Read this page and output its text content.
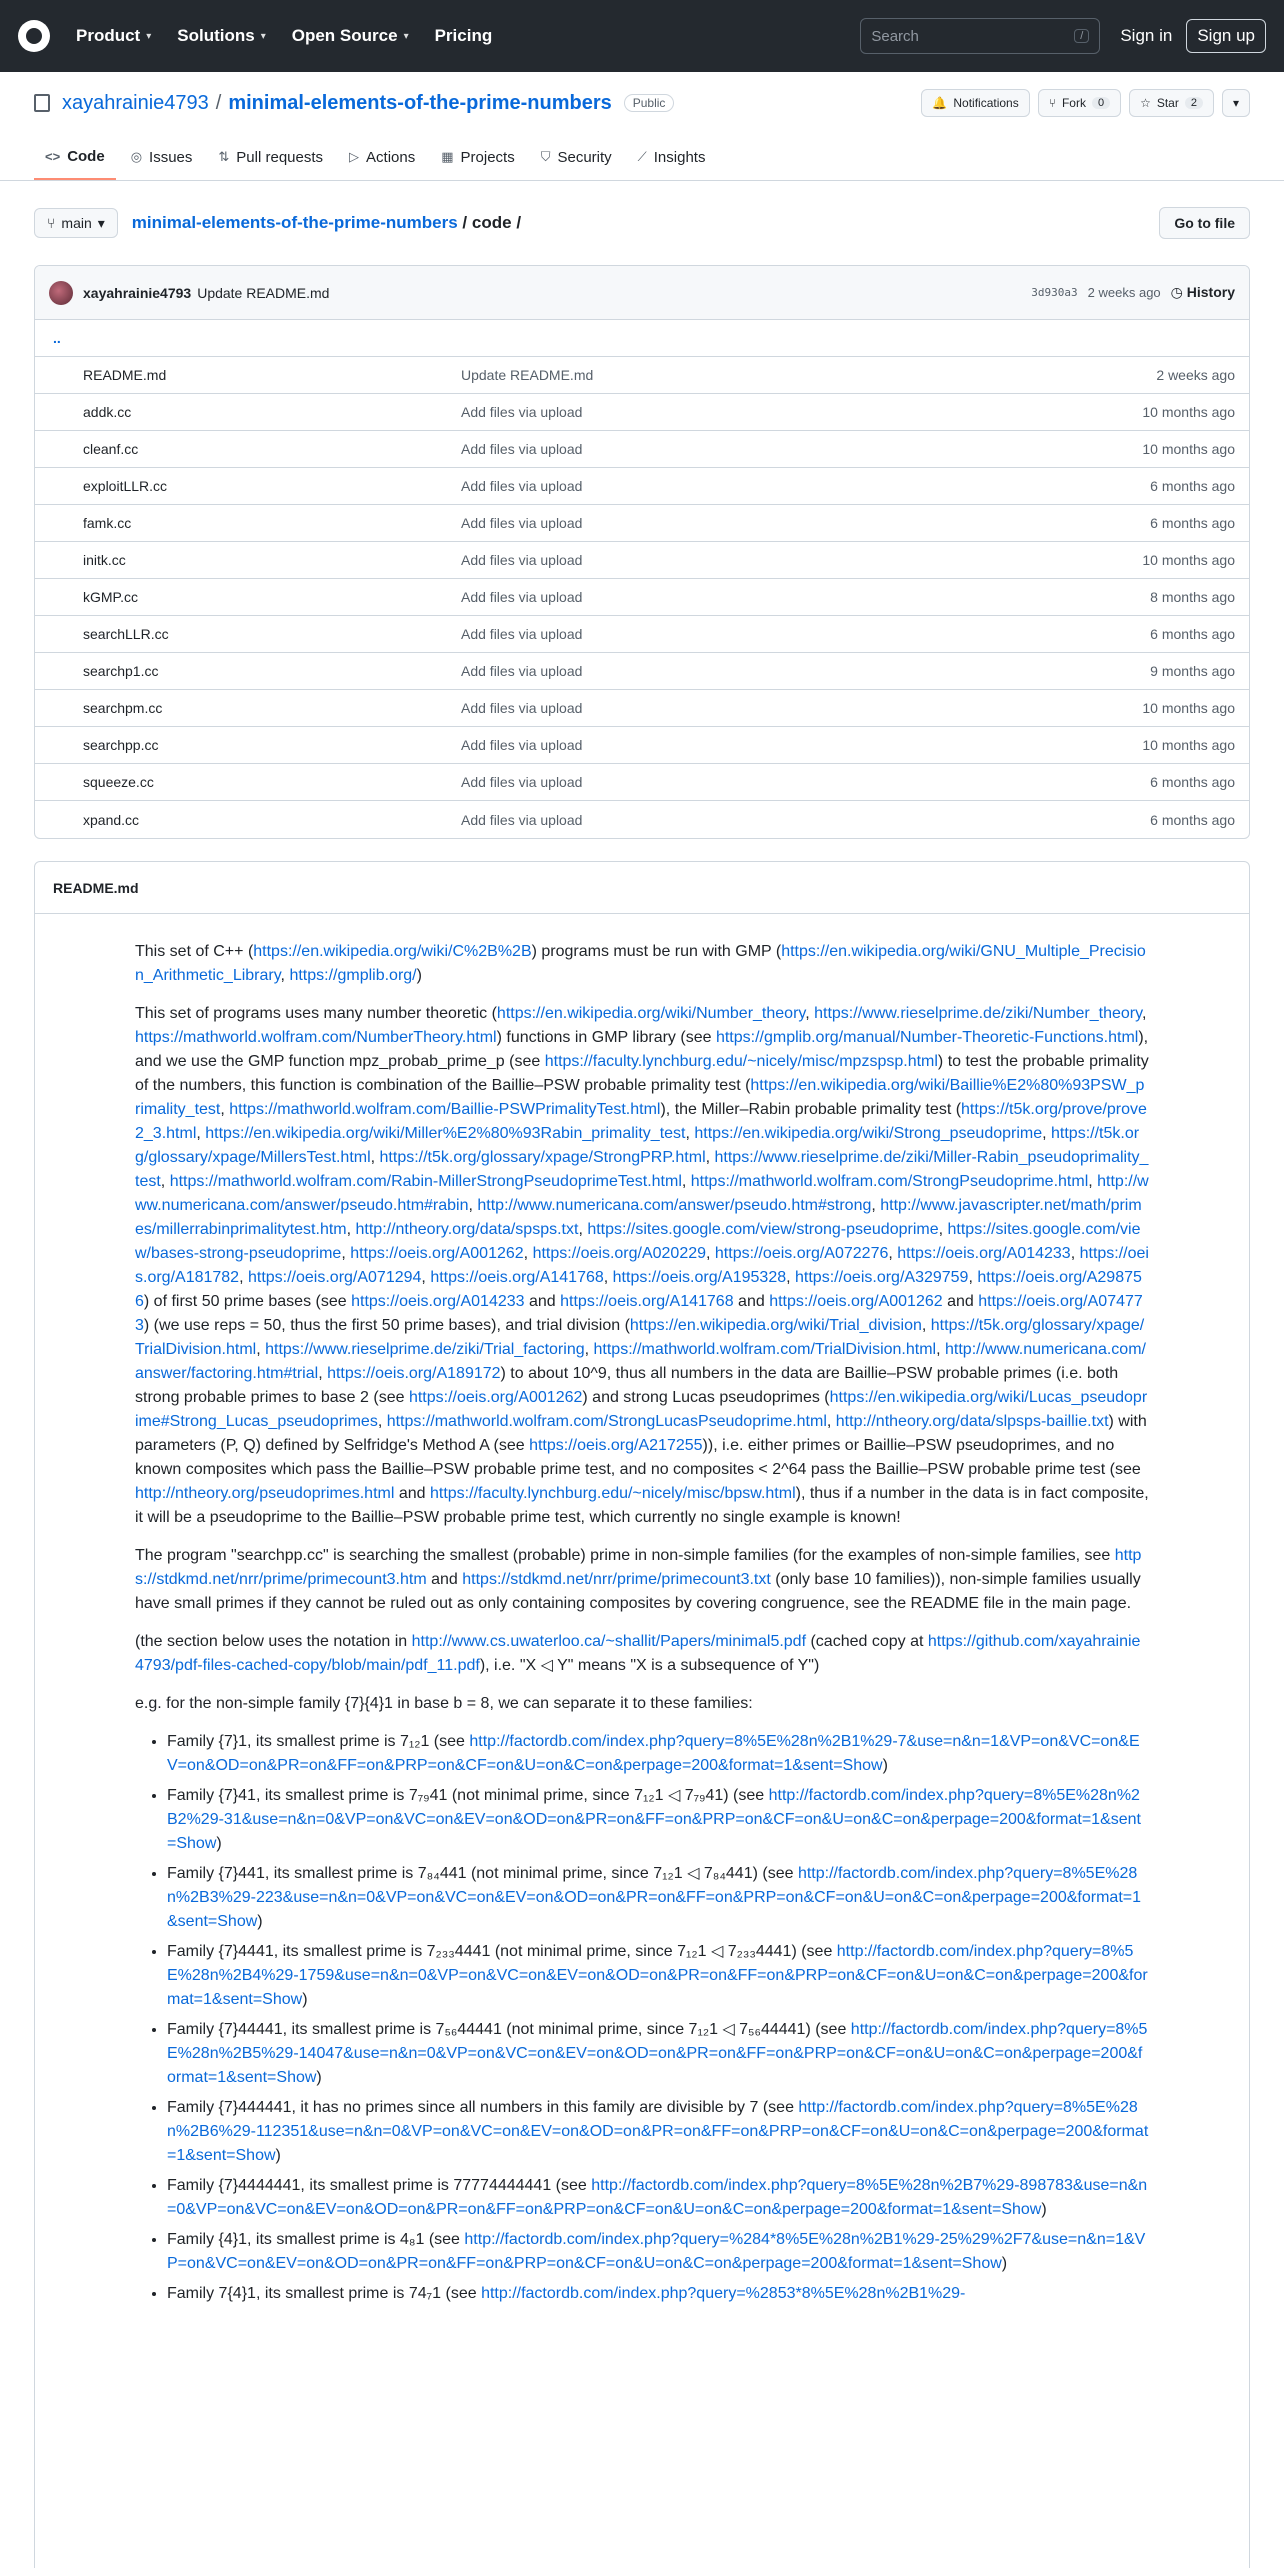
Product ▾ Solutions ▾ Open Source ▾ Pricing	Search	/	Sign in	Sign up
xayahrainie4793 / minimal-elements-of-the-prime-numbers	Public	🔔 Notifications	⑂ Fork	0	☆ Star	2	▾
<> Code ◎ Issues ⇅ Pull requests ▷ Actions ▦ Projects ⛉ Security ⟋ Insights
⑂ main ▾ minimal-elements-of-the-prime-numbers / code /	Go to file
xayahrainie4793 Update README.md	3d930a3 2 weeks ago ◷ History
..
README.md	Update README.md	2 weeks ago
addk.cc	Add files via upload	10 months ago
cleanf.cc	Add files via upload	10 months ago
exploitLLR.cc	Add files via upload	6 months ago
famk.cc	Add files via upload	6 months ago
initk.cc	Add files via upload	10 months ago
kGMP.cc	Add files via upload	8 months ago
searchLLR.cc	Add files via upload	6 months ago
searchp1.cc	Add files via upload	9 months ago
searchpm.cc	Add files via upload	10 months ago
searchpp.cc	Add files via upload	10 months ago
squeeze.cc	Add files via upload	6 months ago
xpand.cc	Add files via upload	6 months ago
README.md

This set of C++ (https://en.wikipedia.org/wiki/C%2B%2B) programs must be run with GMP (https://en.wikipedia.org/wiki/GNU_Multiple_Precision_Arithmetic_Library, https://gmplib.org/)

This set of programs uses many number theoretic (https://en.wikipedia.org/wiki/Number_theory, https://www.rieselprime.de/ziki/Number_theory, https://mathworld.wolfram.com/NumberTheory.html) functions in GMP library (see https://gmplib.org/manual/Number-Theoretic-Functions.html), and we use the GMP function mpz_probab_prime_p (see https://faculty.lynchburg.edu/~nicely/misc/mpzspsp.html) to test the probable primality of the numbers, this function is combination of the Baillie–PSW probable primality test (https://en.wikipedia.org/wiki/Baillie%E2%80%93PSW_primality_test, https://mathworld.wolfram.com/Baillie-PSWPrimalityTest.html), the Miller–Rabin probable primality test (https://t5k.org/prove/prove2_3.html, https://en.wikipedia.org/wiki/Miller%E2%80%93Rabin_primality_test, https://en.wikipedia.org/wiki/Strong_pseudoprime, https://t5k.org/glossary/xpage/MillersTest.html, https://t5k.org/glossary/xpage/StrongPRP.html, https://www.rieselprime.de/ziki/Miller-Rabin_pseudoprimality_test, https://mathworld.wolfram.com/Rabin-MillerStrongPseudoprimeTest.html, https://mathworld.wolfram.com/StrongPseudoprime.html, http://www.numericana.com/answer/pseudo.htm#rabin, http://www.numericana.com/answer/pseudo.htm#strong, http://www.javascripter.net/math/primes/millerrabinprimalitytest.htm, http://ntheory.org/data/spsps.txt, https://sites.google.com/view/strong-pseudoprime, https://sites.google.com/view/bases-strong-pseudoprime, https://oeis.org/A001262, https://oeis.org/A020229, https://oeis.org/A072276, https://oeis.org/A014233, https://oeis.org/A181782, https://oeis.org/A071294, https://oeis.org/A141768, https://oeis.org/A195328, https://oeis.org/A329759, https://oeis.org/A298756) of first 50 prime bases (see https://oeis.org/A014233 and https://oeis.org/A141768 and https://oeis.org/A001262 and https://oeis.org/A074773) (we use reps = 50, thus the first 50 prime bases), and trial division (https://en.wikipedia.org/wiki/Trial_division, https://t5k.org/glossary/xpage/TrialDivision.html, https://www.rieselprime.de/ziki/Trial_factoring, https://mathworld.wolfram.com/TrialDivision.html, http://www.numericana.com/answer/factoring.htm#trial, https://oeis.org/A189172) to about 10^9, thus all numbers in the data are Baillie–PSW probable primes (i.e. both strong probable primes to base 2 (see https://oeis.org/A001262) and strong Lucas pseudoprimes (https://en.wikipedia.org/wiki/Lucas_pseudoprime#Strong_Lucas_pseudoprimes, https://mathworld.wolfram.com/StrongLucasPseudoprime.html, http://ntheory.org/data/slpsps-baillie.txt) with parameters (P, Q) defined by Selfridge's Method A (see https://oeis.org/A217255)), i.e. either primes or Baillie–PSW pseudoprimes, and no known composites which pass the Baillie–PSW probable prime test, and no composites < 2^64 pass the Baillie–PSW probable prime test (see http://ntheory.org/pseudoprimes.html and https://faculty.lynchburg.edu/~nicely/misc/bpsw.html), thus if a number in the data is in fact composite, it will be a pseudoprime to the Baillie–PSW probable prime test, which currently no single example is known!

The program "searchpp.cc" is searching the smallest (probable) prime in non-simple families (for the examples of non-simple families, see https://stdkmd.net/nrr/prime/primecount3.htm and https://stdkmd.net/nrr/prime/primecount3.txt (only base 10 families)), non-simple families usually have small primes if they cannot be ruled out as only containing composites by covering congruence, see the README file in the main page.

(the section below uses the notation in http://www.cs.uwaterloo.ca/~shallit/Papers/minimal5.pdf (cached copy at https://github.com/xayahrainie4793/pdf-files-cached-copy/blob/main/pdf_11.pdf), i.e. "X ◁ Y" means "X is a subsequence of Y")

e.g. for the non-simple family {7}{4}1 in base b = 8, we can separate it to these families:

• Family {7}1, its smallest prime is 7₁₂1 (see http://factordb.com/index.php?query=8%5E%28n%2B1%29-7&use=n&n=1&VP=on&VC=on&EV=on&OD=on&PR=on&FF=on&PRP=on&CF=on&U=on&C=on&perpage=200&format=1&sent=Show)
• Family {7}41, its smallest prime is 7₇₉41 (not minimal prime, since 7₁₂1 ◁ 7₇₉41) (see http://factordb.com/index.php?query=8%5E%28n%2B2%29-31&use=n&n=0&VP=on&VC=on&EV=on&OD=on&PR=on&FF=on&PRP=on&CF=on&U=on&C=on&perpage=200&format=1&sent=Show)
• Family {7}441, its smallest prime is 7₈₄441 (not minimal prime, since 7₁₂1 ◁ 7₈₄441) (see http://factordb.com/index.php?query=8%5E%28n%2B3%29-223&use=n&n=0&VP=on&VC=on&EV=on&OD=on&PR=on&FF=on&PRP=on&CF=on&U=on&C=on&perpage=200&format=1&sent=Show)
• Family {7}4441, its smallest prime is 7₂₃₃4441 (not minimal prime, since 7₁₂1 ◁ 7₂₃₃4441) (see http://factordb.com/index.php?query=8%5E%28n%2B4%29-1759&use=n&n=0&VP=on&VC=on&EV=on&OD=on&PR=on&FF=on&PRP=on&CF=on&U=on&C=on&perpage=200&format=1&sent=Show)
• Family {7}44441, its smallest prime is 7₅₆44441 (not minimal prime, since 7₁₂1 ◁ 7₅₆44441) (see http://factordb.com/index.php?query=8%5E%28n%2B5%29-14047&use=n&n=0&VP=on&VC=on&EV=on&OD=on&PR=on&FF=on&PRP=on&CF=on&U=on&C=on&perpage=200&format=1&sent=Show)
• Family {7}444441, it has no primes since all numbers in this family are divisible by 7 (see http://factordb.com/index.php?query=8%5E%28n%2B6%29-112351&use=n&n=0&VP=on&VC=on&EV=on&OD=on&PR=on&FF=on&PRP=on&CF=on&U=on&C=on&perpage=200&format=1&sent=Show)
• Family {7}4444441, its smallest prime is 77774444441 (see http://factordb.com/index.php?query=8%5E%28n%2B7%29-898783&use=n&n=0&VP=on&VC=on&EV=on&OD=on&PR=on&FF=on&PRP=on&CF=on&U=on&C=on&perpage=200&format=1&sent=Show)
• Family {4}1, its smallest prime is 4₈1 (see http://factordb.com/index.php?query=%284*8%5E%28n%2B1%29-25%29%2F7&use=n&n=1&VP=on&VC=on&EV=on&OD=on&PR=on&FF=on&PRP=on&CF=on&U=on&C=on&perpage=200&format=1&sent=Show)
• Family 7{4}1, its smallest prime is 74₇1 (see http://factordb.com/index.php?query=%2853*8%5E%28n%2B1%29-
